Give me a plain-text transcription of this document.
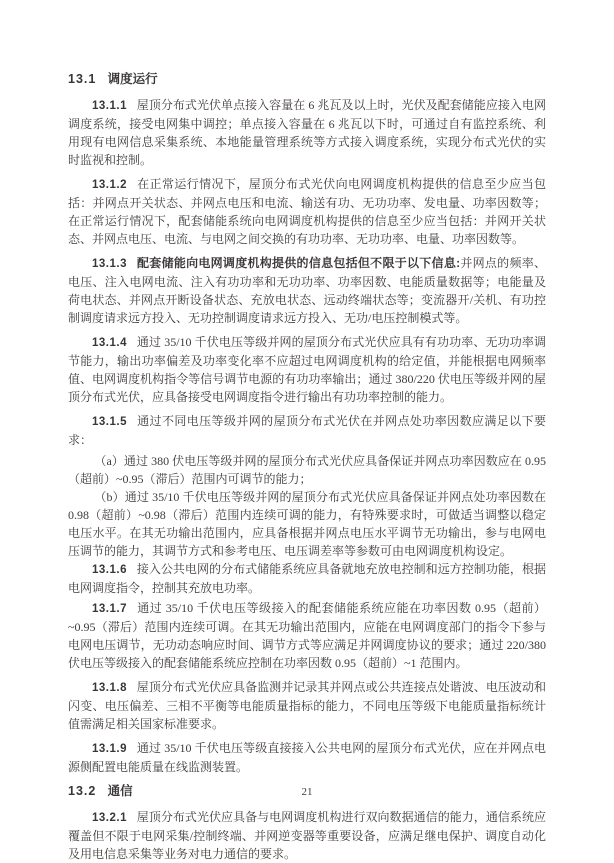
13.1 调度运行

13.1.1 屋顶分布式光伏单点接入容量在 6 兆瓦及以上时，光伏及配套储能应接入电网调度系统，接受电网集中调控；单点接入容量在 6 兆瓦以下时，可通过自有监控系统、利用现有电网信息采集系统、本地能量管理系统等方式接入调度系统，实现分布式光伏的实时监视和控制。

13.1.2 在正常运行情况下，屋顶分布式光伏向电网调度机构提供的信息至少应当包括：并网点开关状态、并网点电压和电流、输送有功、无功功率、发电量、功率因数等；在正常运行情况下，配套储能系统向电网调度机构提供的信息至少应当包括：并网开关状态、并网点电压、电流、与电网之间交换的有功功率、无功功率、电量、功率因数等。

13.1.3 配套储能向电网调度机构提供的信息包括但不限于以下信息:并网点的频率、电压、注入电网电流、注入有功功率和无功功率、功率因数、电能质量数据等；电能量及荷电状态、并网点开断设备状态、充放电状态、远动终端状态等；变流器开/关机、有功控制调度请求远方投入、无功控制调度请求远方投入、无功/电压控制模式等。

13.1.4 通过 35/10 千伏电压等级并网的屋顶分布式光伏应具有有功功率、无功功率调节能力，输出功率偏差及功率变化率不应超过电网调度机构的给定值，并能根据电网频率值、电网调度机构指令等信号调节电源的有功功率输出；通过 380/220 伏电压等级并网的屋顶分布式光伏，应具备接受电网调度指令进行输出有功功率控制的能力。

13.1.5 通过不同电压等级并网的屋顶分布式光伏在并网点处功率因数应满足以下要求：

（a）通过 380 伏电压等级并网的屋顶分布式光伏应具备保证并网点功率因数应在 0.95（超前）~0.95（滞后）范围内可调节的能力；

（b）通过 35/10 千伏电压等级并网的屋顶分布式光伏应具备保证并网点处功率因数在 0.98（超前）~0.98（滞后）范围内连续可调的能力，有特殊要求时，可做适当调整以稳定电压水平。在其无功输出范围内，应具备根据并网点电压水平调节无功输出，参与电网电压调节的能力，其调节方式和参考电压、电压调差率等参数可由电网调度机构设定。

13.1.6 接入公共电网的分布式储能系统应具备就地充放电控制和远方控制功能，根据电网调度指令，控制其充放电功率。

13.1.7 通过 35/10 千伏电压等级接入的配套储能系统应能在功率因数 0.95（超前）~0.95（滞后）范围内连续可调。在其无功输出范围内，应能在电网调度部门的指令下参与电网电压调节，无功动态响应时间、调节方式等应满足并网调度协议的要求；通过 220/380 伏电压等级接入的配套储能系统应控制在功率因数 0.95（超前）~1 范围内。

13.1.8 屋顶分布式光伏应具备监测并记录其并网点或公共连接点处谐波、电压波动和闪变、电压偏差、三相不平衡等电能质量指标的能力，不同电压等级下电能质量指标统计值需满足相关国家标准要求。

13.1.9 通过 35/10 千伏电压等级直接接入公共电网的屋顶分布式光伏，应在并网点电源侧配置电能质量在线监测装置。

13.2 通信

13.2.1 屋顶分布式光伏应具备与电网调度机构进行双向数据通信的能力，通信系统应覆盖但不限于电网采集/控制终端、并网逆变器等重要设备，应满足继电保护、调度自动化及用电信息采集等业务对电力通信的要求。

21
